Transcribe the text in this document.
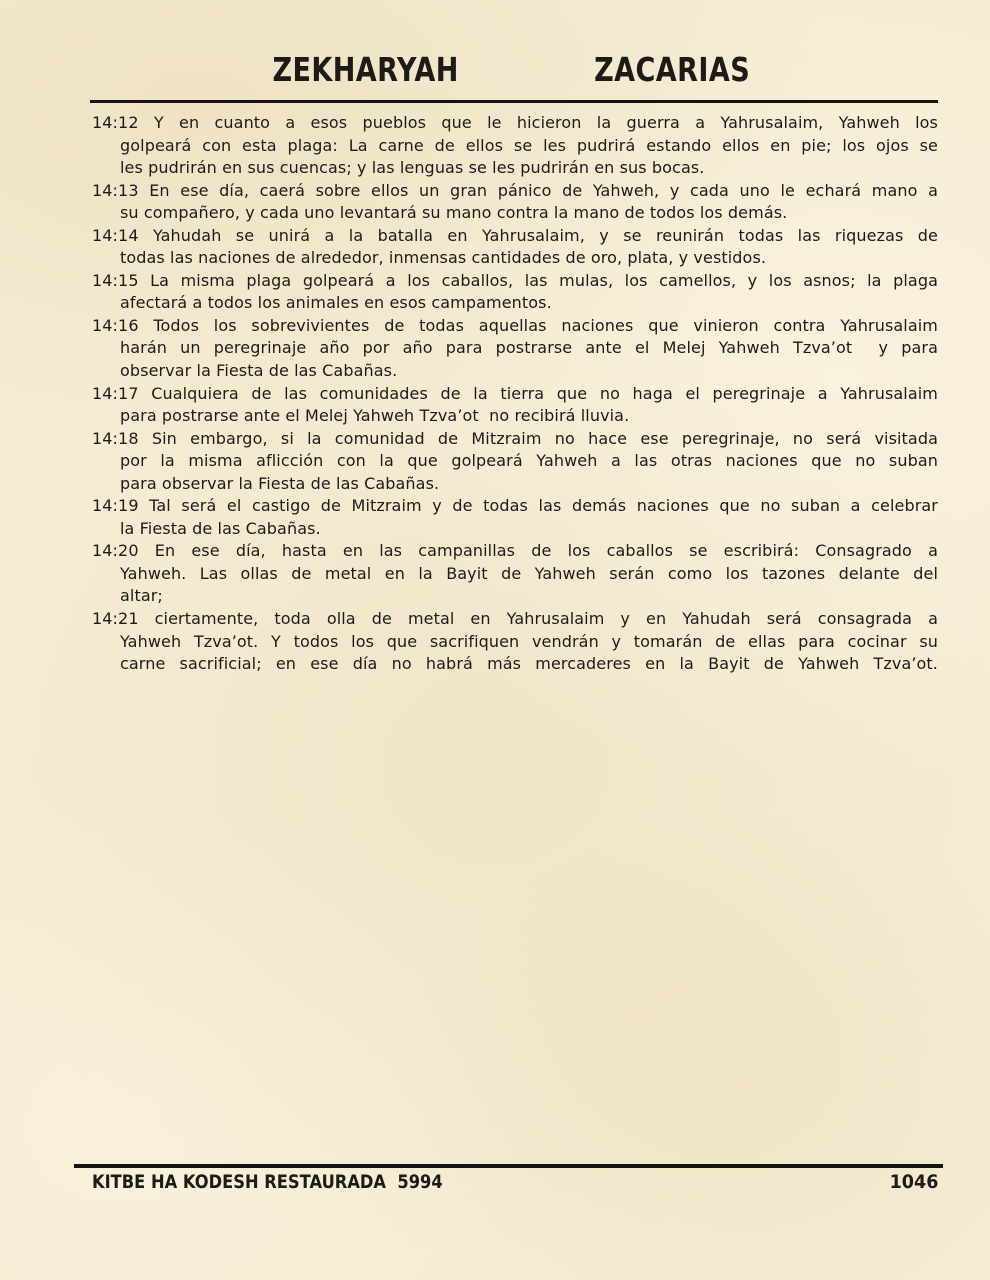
ZEKHARYAH	ZACARIAS
14:12 Y en cuanto a esos pueblos que le hicieron la guerra a Yahrusalaim, Yahweh los
golpeará con esta plaga: La carne de ellos se les pudrirá estando ellos en pie; los ojos se
les pudrirán en sus cuencas; y las lenguas se les pudrirán en sus bocas.
14:13 En ese día, caerá sobre ellos un gran pánico de Yahweh, y cada uno le echará mano a
su compañero, y cada uno levantará su mano contra la mano de todos los demás.
14:14 Yahudah se unirá a la batalla en Yahrusalaim, y se reunirán todas las riquezas de
todas las naciones de alrededor, inmensas cantidades de oro, plata, y vestidos.
14:15 La misma plaga golpeará a los caballos, las mulas, los camellos, y los asnos; la plaga
afectará a todos los animales en esos campamentos.
14:16 Todos los sobrevivientes de todas aquellas naciones que vinieron contra Yahrusalaim
harán un peregrinaje año por año para postrarse ante el Melej Yahweh Tzva’ot  y para
observar la Fiesta de las Cabañas.
14:17 Cualquiera de las comunidades de la tierra que no haga el peregrinaje a Yahrusalaim
para postrarse ante el Melej Yahweh Tzva’ot  no recibirá lluvia.
14:18 Sin embargo, si la comunidad de Mitzraim no hace ese peregrinaje, no será visitada
por la misma aflicción con la que golpeará Yahweh a las otras naciones que no suban
para observar la Fiesta de las Cabañas.
14:19 Tal será el castigo de Mitzraim y de todas las demás naciones que no suban a celebrar
la Fiesta de las Cabañas.
14:20 En ese día, hasta en las campanillas de los caballos se escribirá: Consagrado a
Yahweh. Las ollas de metal en la Bayit de Yahweh serán como los tazones delante del
altar;
14:21 ciertamente, toda olla de metal en Yahrusalaim y en Yahudah será consagrada a
Yahweh Tzva’ot. Y todos los que sacrifiquen vendrán y tomarán de ellas para cocinar su
carne sacrificial; en ese día no habrá más mercaderes en la Bayit de Yahweh Tzva’ot.
KITBE HA KODESH RESTAURADA  5994	1046
